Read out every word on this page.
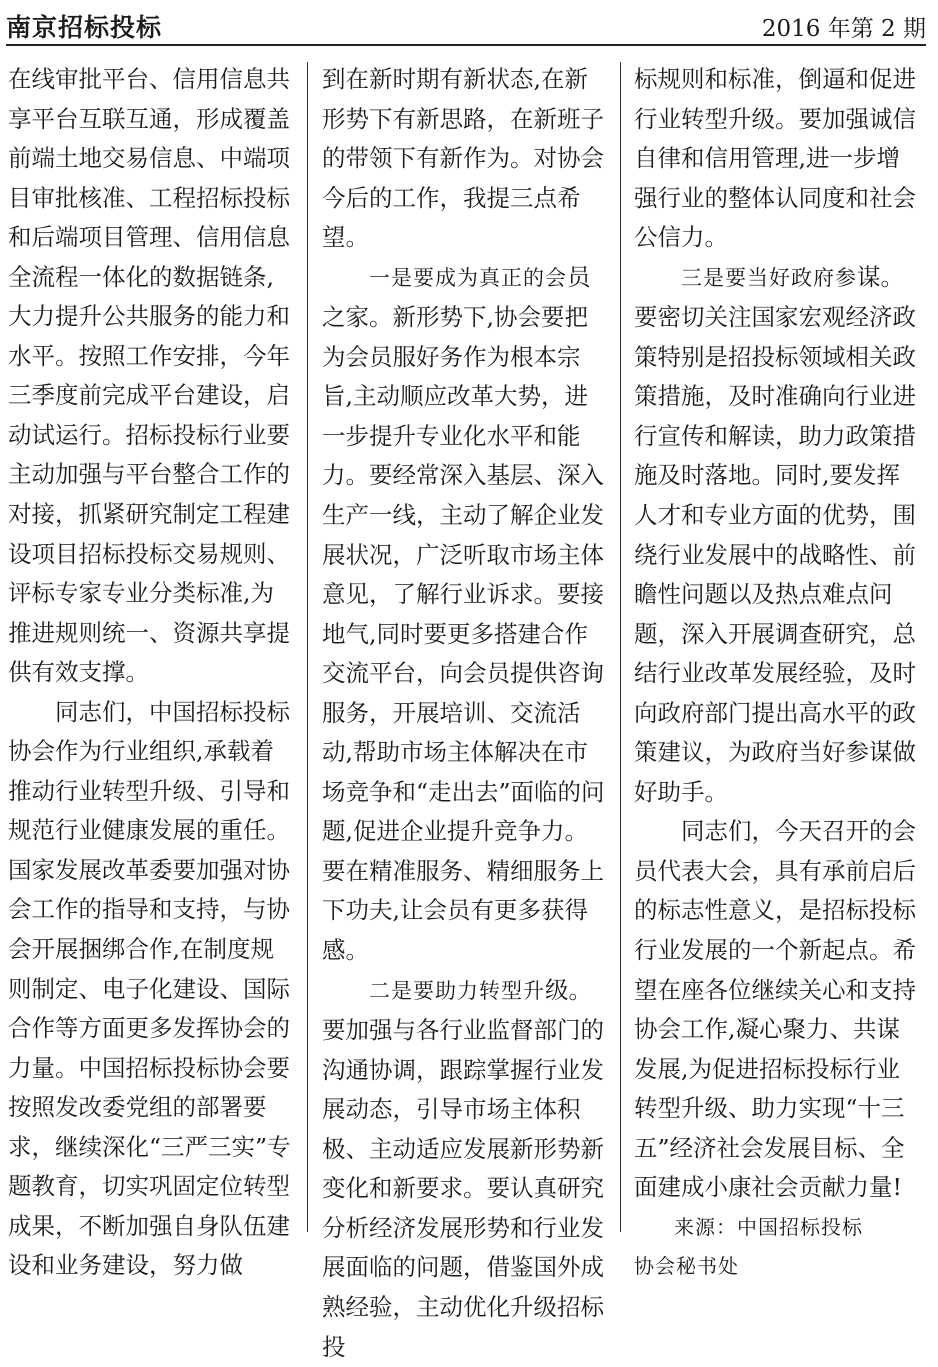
南京招标投标	2016 年第 2 期

在线审批平台、信用信息共享平台互联互通，形成覆盖前端土地交易信息、中端项目审批核准、工程招标投标和后端项目管理、信用信息全流程一体化的数据链条,大力提升公共服务的能力和水平。按照工作安排，今年三季度前完成平台建设，启动试运行。招标投标行业要主动加强与平台整合工作的对接，抓紧研究制定工程建设项目招标投标交易规则、评标专家专业分类标准,为推进规则统一、资源共享提供有效支撑。

同志们，中国招标投标协会作为行业组织,承载着推动行业转型升级、引导和规范行业健康发展的重任。国家发展改革委要加强对协会工作的指导和支持，与协会开展捆绑合作,在制度规则制定、电子化建设、国际合作等方面更多发挥协会的力量。中国招标投标协会要按照发改委党组的部署要求，继续深化“三严三实”专题教育，切实巩固定位转型成果，不断加强自身队伍建设和业务建设，努力做

到在新时期有新状态,在新形势下有新思路，在新班子的带领下有新作为。对协会今后的工作，我提三点希望。

一是要成为真正的会员之家。新形势下,协会要把为会员服好务作为根本宗旨,主动顺应改革大势，进一步提升专业化水平和能力。要经常深入基层、深入生产一线，主动了解企业发展状况，广泛听取市场主体意见，了解行业诉求。要接地气,同时要更多搭建合作交流平台，向会员提供咨询服务，开展培训、交流活动,帮助市场主体解决在市场竞争和“走出去”面临的问题,促进企业提升竞争力。要在精准服务、精细服务上下功夫,让会员有更多获得感。

二是要助力转型升级。要加强与各行业监督部门的沟通协调，跟踪掌握行业发展动态，引导市场主体积极、主动适应发展新形势新变化和新要求。要认真研究分析经济发展形势和行业发展面临的问题，借鉴国外成熟经验，主动优化升级招标投

标规则和标准，倒逼和促进行业转型升级。要加强诚信自律和信用管理,进一步增强行业的整体认同度和社会公信力。

三是要当好政府参谋。要密切关注国家宏观经济政策特别是招投标领域相关政策措施，及时准确向行业进行宣传和解读，助力政策措施及时落地。同时,要发挥人才和专业方面的优势，围绕行业发展中的战略性、前瞻性问题以及热点难点问题，深入开展调查研究，总结行业改革发展经验，及时向政府部门提出高水平的政策建议，为政府当好参谋做好助手。

同志们，今天召开的会员代表大会，具有承前启后的标志性意义，是招标投标行业发展的一个新起点。希望在座各位继续关心和支持协会工作,凝心聚力、共谋发展,为促进招标投标行业转型升级、助力实现“十三五”经济社会发展目标、全面建成小康社会贡献力量!

来源：中国招标投标

协会秘书处
